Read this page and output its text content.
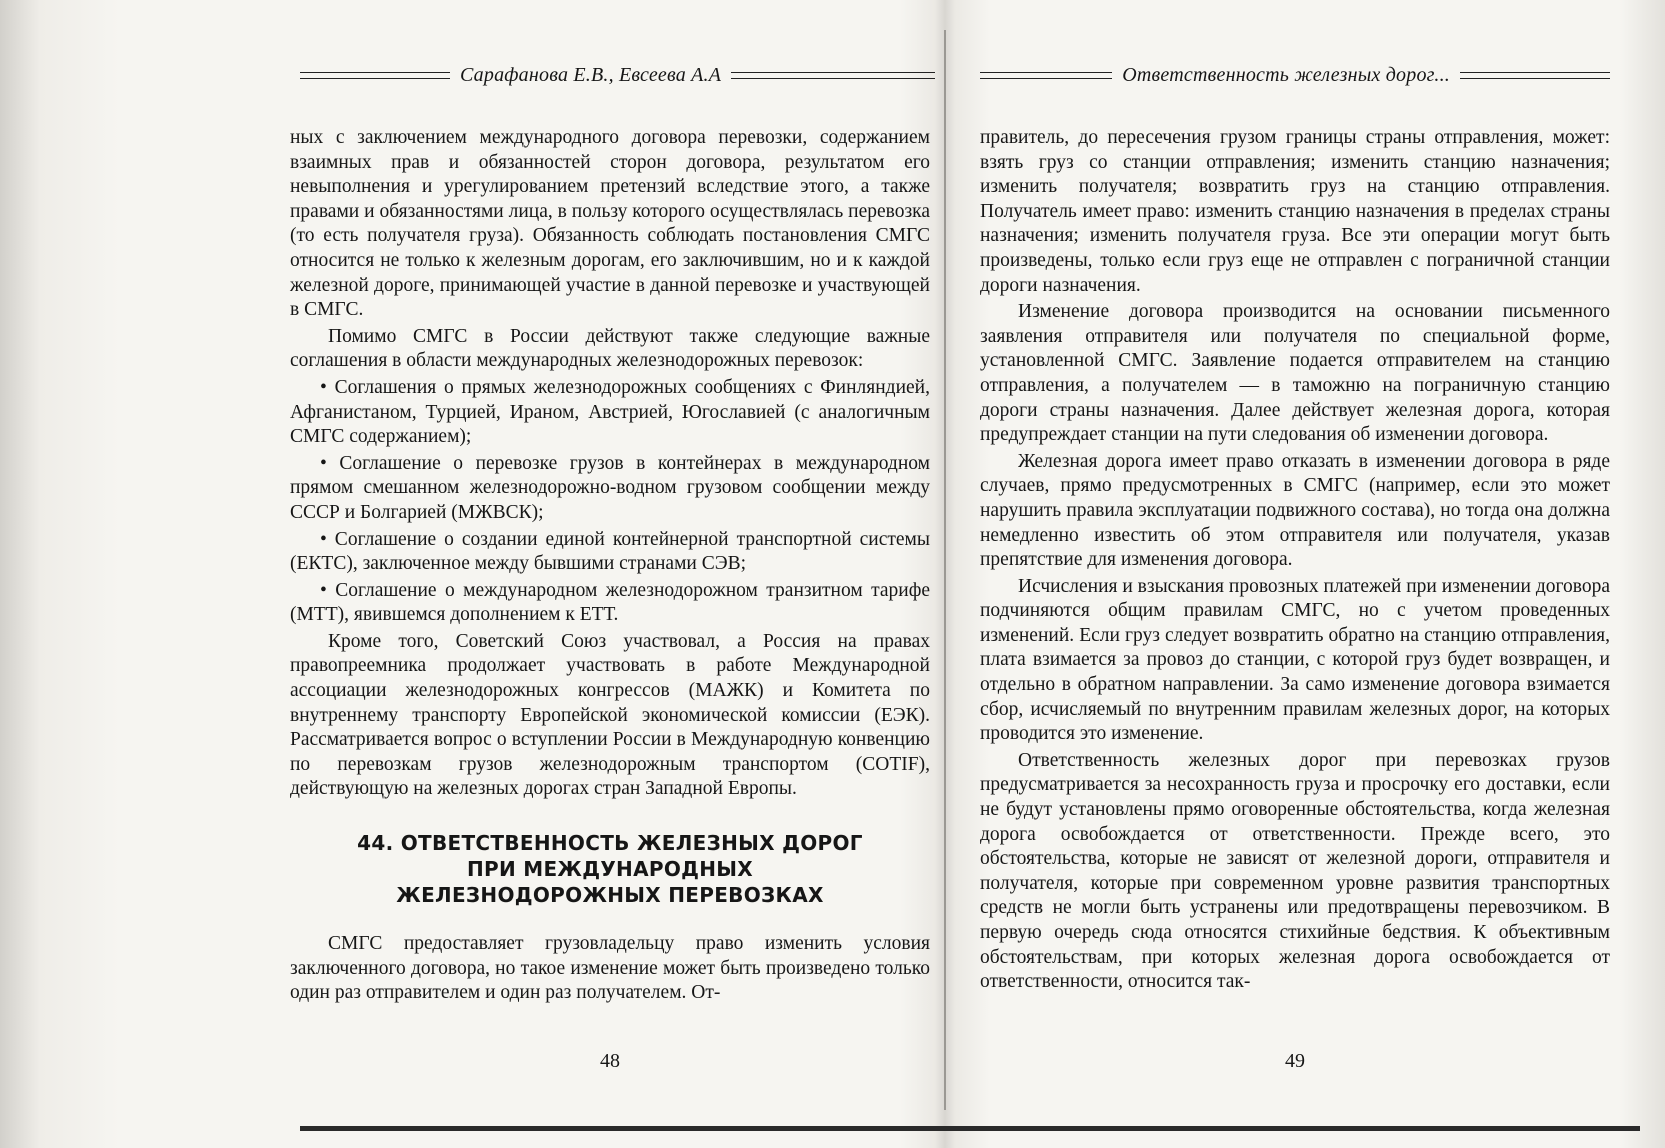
Сарафанова Е.В., Евсеева А.А

ных с заключением международного договора перевозки, содержанием взаимных прав и обязанностей сторон договора, результатом его невыполнения и урегулированием претензий вследствие этого, а также правами и обязанностями лица, в пользу которого осуществлялась перевозка (то есть получателя груза). Обязанность соблюдать постановления СМГС относится не только к железным дорогам, его заключившим, но и к каждой железной дороге, принимающей участие в данной перевозке и участвующей в СМГС.

Помимо СМГС в России действуют также следующие важные соглашения в области международных железнодорожных перевозок:

• Соглашения о прямых железнодорожных сообщениях с Финляндией, Афганистаном, Турцией, Ираном, Австрией, Югославией (с аналогичным СМГС содержанием);

• Соглашение о перевозке грузов в контейнерах в международном прямом смешанном железнодорожно-водном грузовом сообщении между СССР и Болгарией (МЖВСК);

• Соглашение о создании единой контейнерной транспортной системы (ЕКТС), заключенное между бывшими странами СЭВ;

• Соглашение о международном железнодорожном транзитном тарифе (МТТ), явившемся дополнением к ЕТТ.

Кроме того, Советский Союз участвовал, а Россия на правах правопреемника продолжает участвовать в работе Международной ассоциации железнодорожных конгрессов (МАЖК) и Комитета по внутреннему транспорту Европейской экономической комиссии (ЕЭК). Рассматривается вопрос о вступлении России в Международную конвенцию по перевозкам грузов железнодорожным транспортом (COTIF), действующую на железных дорогах стран Западной Европы.

44. ОТВЕТСТВЕННОСТЬ ЖЕЛЕЗНЫХ ДОРОГ
ПРИ МЕЖДУНАРОДНЫХ
ЖЕЛЕЗНОДОРОЖНЫХ ПЕРЕВОЗКАХ

СМГС предоставляет грузовладельцу право изменить условия заключенного договора, но такое изменение может быть произведено только один раз отправителем и один раз получателем. От-

48
Ответственность железных дорог...

правитель, до пересечения грузом границы страны отправления, может: взять груз со станции отправления; изменить станцию назначения; изменить получателя; возвратить груз на станцию отправления. Получатель имеет право: изменить станцию назначения в пределах страны назначения; изменить получателя груза. Все эти операции могут быть произведены, только если груз еще не отправлен с пограничной станции дороги назначения.

Изменение договора производится на основании письменного заявления отправителя или получателя по специальной форме, установленной СМГС. Заявление подается отправителем на станцию отправления, а получателем — в таможню на пограничную станцию дороги страны назначения. Далее действует железная дорога, которая предупреждает станции на пути следования об изменении договора.

Железная дорога имеет право отказать в изменении договора в ряде случаев, прямо предусмотренных в СМГС (например, если это может нарушить правила эксплуатации подвижного состава), но тогда она должна немедленно известить об этом отправителя или получателя, указав препятствие для изменения договора.

Исчисления и взыскания провозных платежей при изменении договора подчиняются общим правилам СМГС, но с учетом проведенных изменений. Если груз следует возвратить обратно на станцию отправления, плата взимается за провоз до станции, с которой груз будет возвращен, и отдельно в обратном направлении. За само изменение договора взимается сбор, исчисляемый по внутренним правилам железных дорог, на которых проводится это изменение.

Ответственность железных дорог при перевозках грузов предусматривается за несохранность груза и просрочку его доставки, если не будут установлены прямо оговоренные обстоятельства, когда железная дорога освобождается от ответственности. Прежде всего, это обстоятельства, которые не зависят от железной дороги, отправителя и получателя, которые при современном уровне развития транспортных средств не могли быть устранены или предотвращены перевозчиком. В первую очередь сюда относятся стихийные бедствия. К объективным обстоятельствам, при которых железная дорога освобождается от ответственности, относится так-

49
